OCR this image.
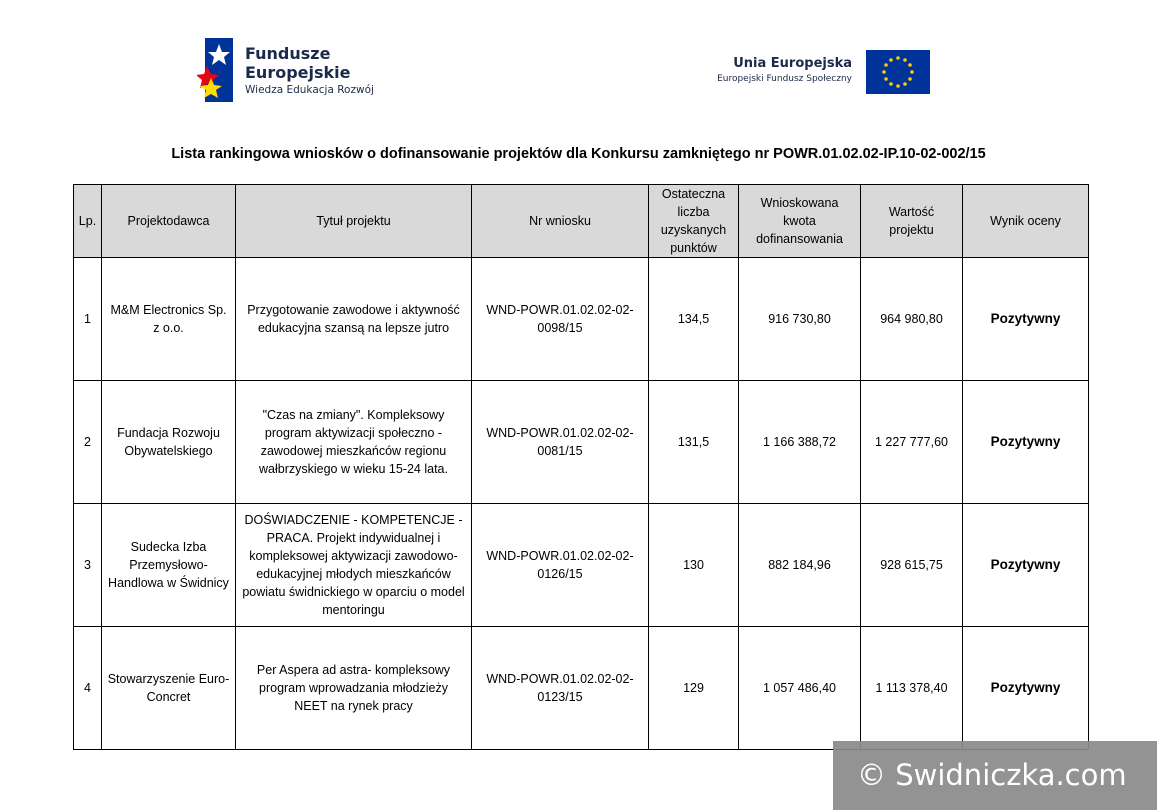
Fundusze
Europejskie
Wiedza Edukacja Rozwój
Unia Europejska
Europejski Fundusz Społeczny
Lista rankingowa wniosków o dofinansowanie projektów dla Konkursu zamkniętego nr POWR.01.02.02-IP.10-02-002/15
Lp.	Projektodawca	Tytuł projektu	Nr wniosku	Ostateczna liczba uzyskanych punktów	Wnioskowana kwota dofinansowania	Wartość projektu	Wynik oceny
1	M&M Electronics Sp. z o.o.	Przygotowanie zawodowe i aktywność edukacyjna szansą na lepsze jutro	WND-POWR.01.02.02-02-0098/15	134,5	916 730,80	964 980,80	Pozytywny
2	Fundacja Rozwoju Obywatelskiego	"Czas na zmiany". Kompleksowy program aktywizacji społeczno - zawodowej mieszkańców regionu wałbrzyskiego w wieku 15-24 lata.	WND-POWR.01.02.02-02-0081/15	131,5	1 166 388,72	1 227 777,60	Pozytywny
3	Sudecka Izba Przemysłowo-Handlowa w Świdnicy	DOŚWIADCZENIE - KOMPETENCJE - PRACA. Projekt indywidualnej i kompleksowej aktywizacji zawodowo-edukacyjnej młodych mieszkańców powiatu świdnickiego w oparciu o model mentoringu	WND-POWR.01.02.02-02-0126/15	130	882 184,96	928 615,75	Pozytywny
4	Stowarzyszenie Euro-Concret	Per Aspera ad astra- kompleksowy program wprowadzania młodzieży NEET na rynek pracy	WND-POWR.01.02.02-02-0123/15	129	1 057 486,40	1 113 378,40	Pozytywny
© Swidniczka.com
